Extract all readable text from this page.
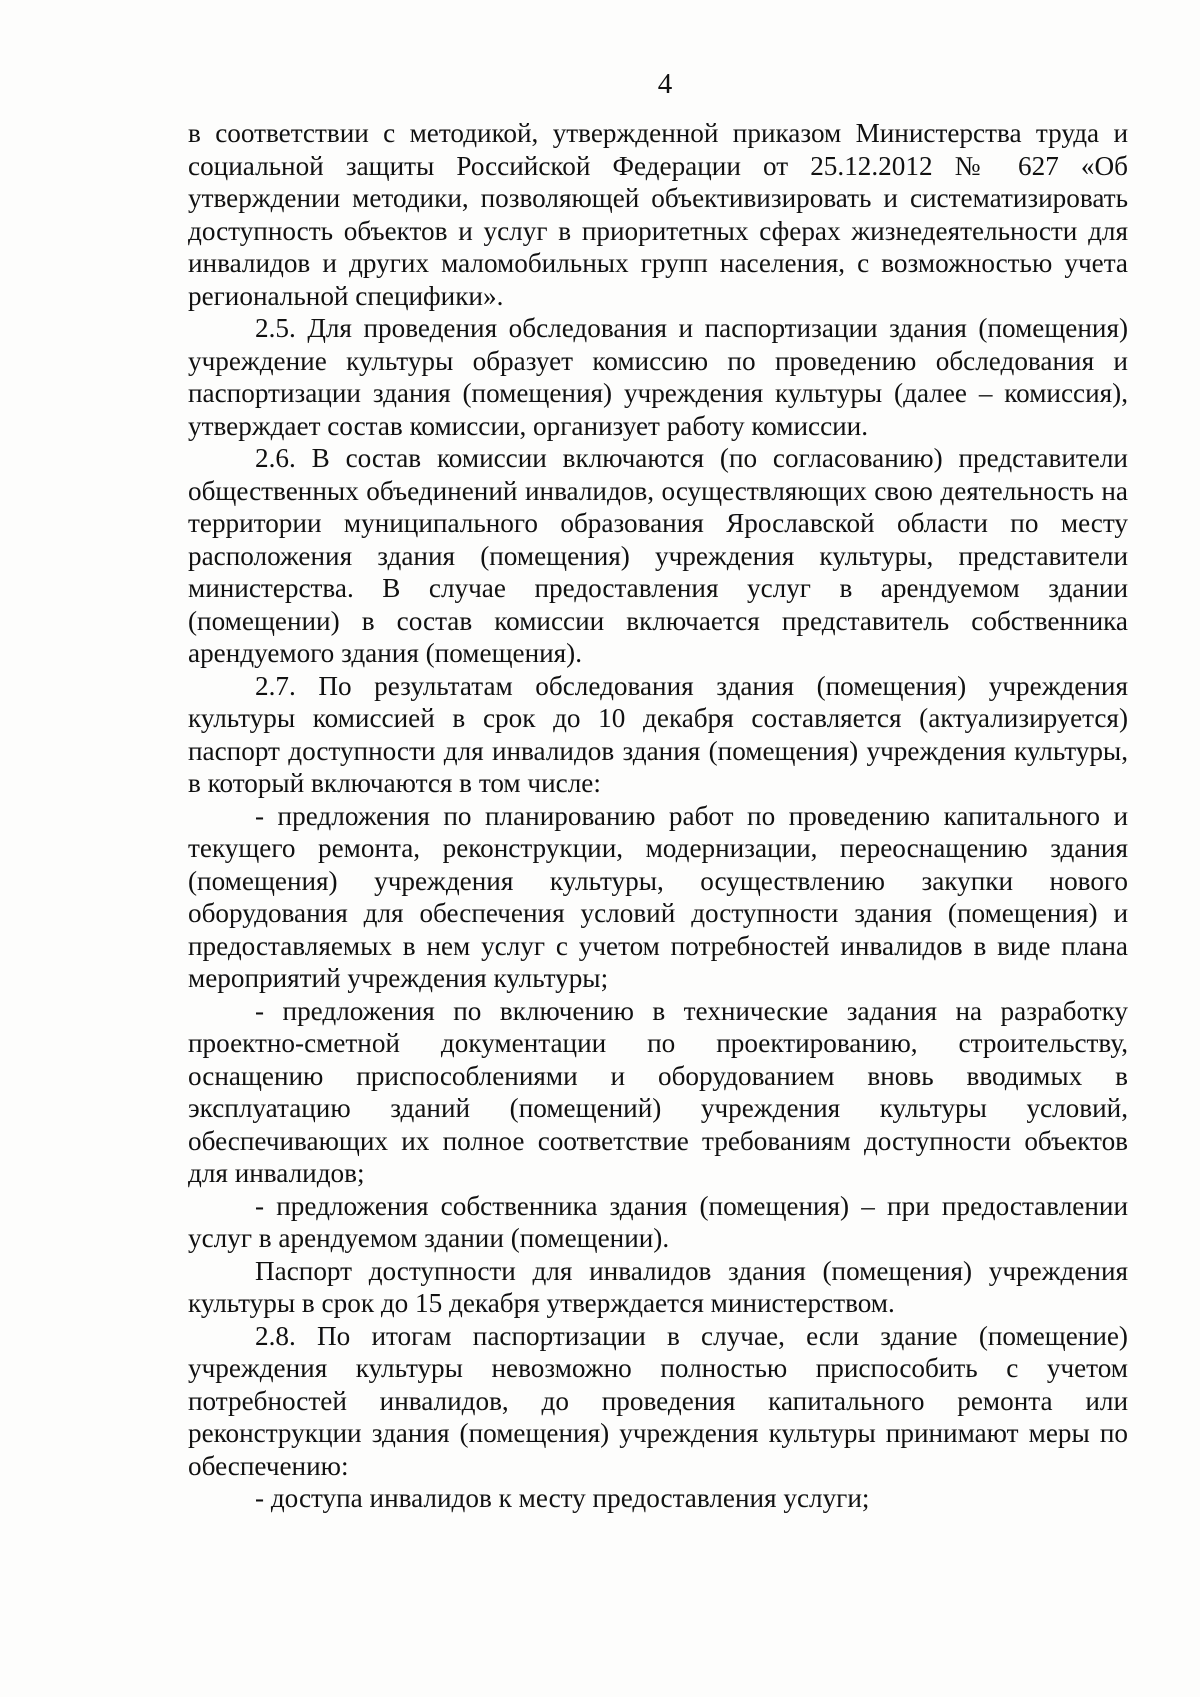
4

в соответствии с методикой, утвержденной приказом Министерства труда и социальной защиты Российской Федерации от 25.12.2012 № 627 «Об утверждении методики, позволяющей объективизировать и систематизировать доступность объектов и услуг в приоритетных сферах жизнедеятельности для инвалидов и других маломобильных групп населения, с возможностью учета региональной специфики».

2.5. Для проведения обследования и паспортизации здания (помещения) учреждение культуры образует комиссию по проведению обследования и паспортизации здания (помещения) учреждения культуры (далее – комиссия), утверждает состав комиссии, организует работу комиссии.

2.6. В состав комиссии включаются (по согласованию) представители общественных объединений инвалидов, осуществляющих свою деятельность на территории муниципального образования Ярославской области по месту расположения здания (помещения) учреждения культуры, представители министерства. В случае предоставления услуг в арендуемом здании (помещении) в состав комиссии включается представитель собственника арендуемого здания (помещения).

2.7. По результатам обследования здания (помещения) учреждения культуры комиссией в срок до 10 декабря составляется (актуализируется) паспорт доступности для инвалидов здания (помещения) учреждения культуры, в который включаются в том числе:

- предложения по планированию работ по проведению капитального и текущего ремонта, реконструкции, модернизации, переоснащению здания (помещения) учреждения культуры, осуществлению закупки нового оборудования для обеспечения условий доступности здания (помещения) и предоставляемых в нем услуг с учетом потребностей инвалидов в виде плана мероприятий учреждения культуры;

- предложения по включению в технические задания на разработку проектно-сметной документации по проектированию, строительству, оснащению приспособлениями и оборудованием вновь вводимых в эксплуатацию зданий (помещений) учреждения культуры условий, обеспечивающих их полное соответствие требованиям доступности объектов для инвалидов;

- предложения собственника здания (помещения) – при предоставлении услуг в арендуемом здании (помещении).

Паспорт доступности для инвалидов здания (помещения) учреждения культуры в срок до 15 декабря утверждается министерством.

2.8. По итогам паспортизации в случае, если здание (помещение) учреждения культуры невозможно полностью приспособить с учетом потребностей инвалидов, до проведения капитального ремонта или реконструкции здания (помещения) учреждения культуры принимают меры по обеспечению:

- доступа инвалидов к месту предоставления услуги;
